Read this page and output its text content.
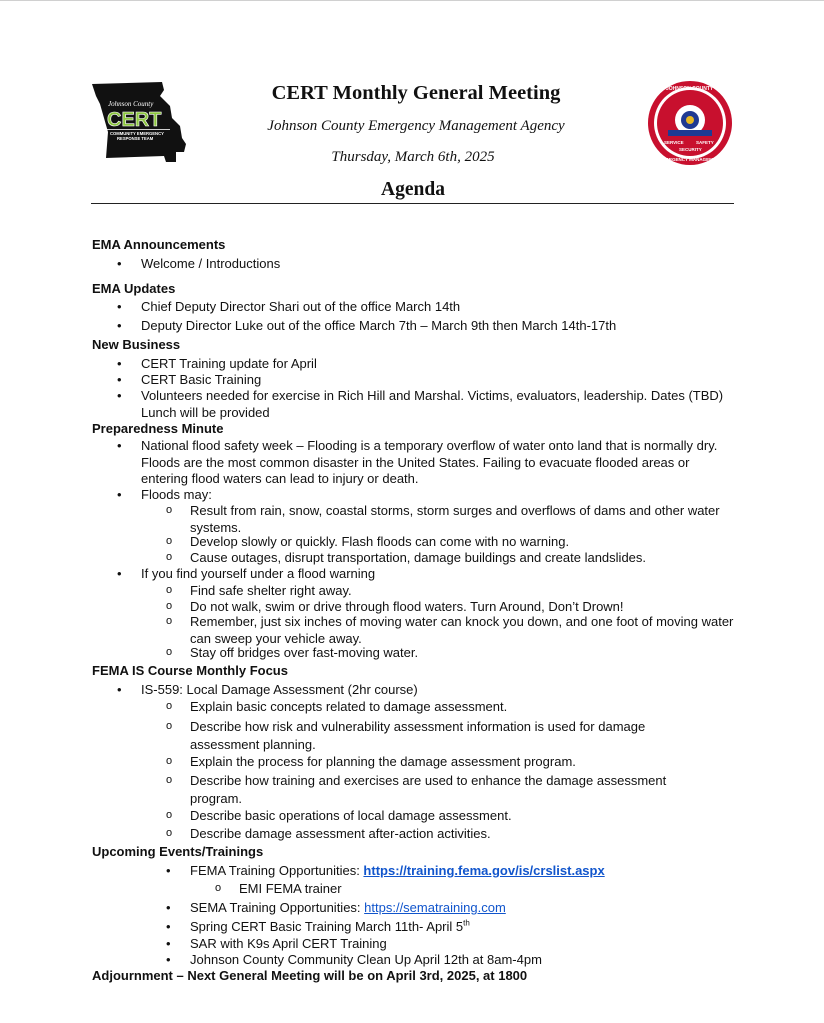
Johnson County
CERT
COMMUNITY EMERGENCY
RESPONSE TEAM
CERT Monthly General Meeting
Johnson County Emergency Management Agency
Thursday, March 6th, 2025
Agenda
JOHNSON COUNTY
SERVICE	SAFETY
SECURITY
EMERGENCY MANAGEMENT
EMA Announcements
• Welcome / Introductions
EMA Updates
• Chief Deputy Director Shari out of the office March 14th
• Deputy Director Luke out of the office March 7th – March 9th then March 14th-17th
New Business
• CERT Training update for April
• CERT Basic Training
• Volunteers needed for exercise in Rich Hill and Marshal. Victims, evaluators, leadership. Dates (TBD) Lunch will be provided
Preparedness Minute
• National flood safety week – Flooding is a temporary overflow of water onto land that is normally dry. Floods are the most common disaster in the United States. Failing to evacuate flooded areas or entering flood waters can lead to injury or death.
• Floods may:
o Result from rain, snow, coastal storms, storm surges and overflows of dams and other water systems.
o Develop slowly or quickly. Flash floods can come with no warning.
o Cause outages, disrupt transportation, damage buildings and create landslides.
• If you find yourself under a flood warning
o Find safe shelter right away.
o Do not walk, swim or drive through flood waters. Turn Around, Don’t Drown!
o Remember, just six inches of moving water can knock you down, and one foot of moving water can sweep your vehicle away.
o Stay off bridges over fast-moving water.
FEMA IS Course Monthly Focus
• IS-559: Local Damage Assessment (2hr course)
o Explain basic concepts related to damage assessment.
o Describe how risk and vulnerability assessment information is used for damage assessment planning.
o Explain the process for planning the damage assessment program.
o Describe how training and exercises are used to enhance the damage assessment program.
o Describe basic operations of local damage assessment.
o Describe damage assessment after-action activities.
Upcoming Events/Trainings
• FEMA Training Opportunities: https://training.fema.gov/is/crslist.aspx
o EMI FEMA trainer
• SEMA Training Opportunities: https://sematraining.com
• Spring CERT Basic Training March 11th- April 5th
• SAR with K9s April CERT Training
• Johnson County Community Clean Up April 12th at 8am-4pm
Adjournment – Next General Meeting will be on April 3rd, 2025, at 1800
